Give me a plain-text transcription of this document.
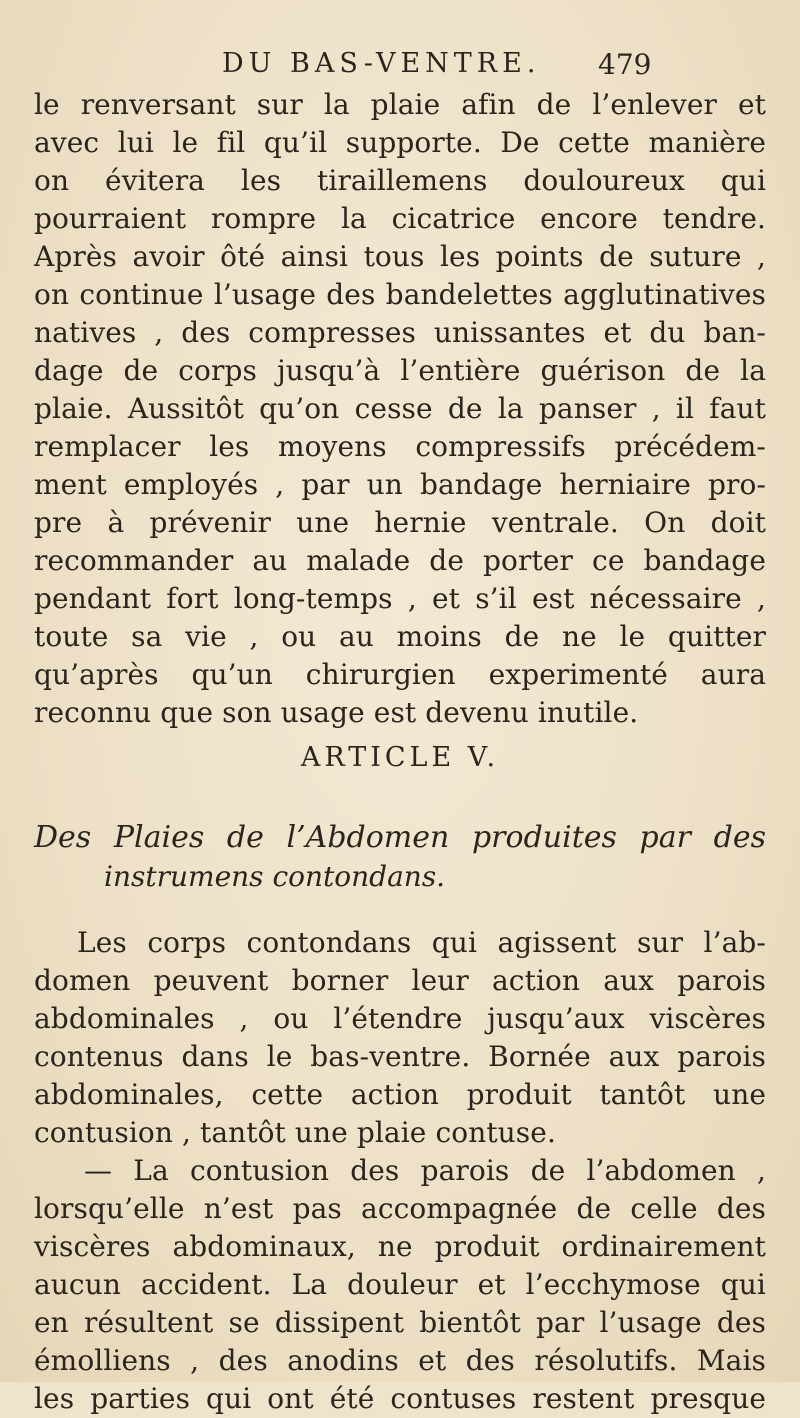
DU BAS-VENTRE. 479
le renversant sur la plaie afin de l’enlever et
avec lui le fil qu’il supporte. De cette manière
on évitera les tiraillemens douloureux qui
pourraient rompre la cicatrice encore tendre.
Après avoir ôté ainsi tous les points de suture ,
on continue l’usage des bandelettes agglutinatives
natives , des compresses unissantes et du ban-
dage de corps jusqu’à l’entière guérison de la
plaie. Aussitôt qu’on cesse de la panser , il faut
remplacer les moyens compressifs précédem-
ment employés , par un bandage herniaire pro-
pre à prévenir une hernie ventrale. On doit
recommander au malade de porter ce bandage
pendant fort long-temps , et s’il est nécessaire ,
toute sa vie , ou au moins de ne le quitter
qu’après qu’un chirurgien experimenté aura
reconnu que son usage est devenu inutile.
ARTICLE V.
Des Plaies de l’Abdomen produites par des
instrumens contondans.
Les corps contondans qui agissent sur l’ab-
domen peuvent borner leur action aux parois
abdominales , ou l’étendre jusqu’aux viscères
contenus dans le bas-ventre. Bornée aux parois
abdominales, cette action produit tantôt une
contusion , tantôt une plaie contuse.
— La contusion des parois de l’abdomen ,
lorsqu’elle n’est pas accompagnée de celle des
viscères abdominaux, ne produit ordinairement
aucun accident. La douleur et l’ecchymose qui
en résultent se dissipent bientôt par l’usage des
émolliens , des anodins et des résolutifs. Mais
les parties qui ont été contuses restent presque
